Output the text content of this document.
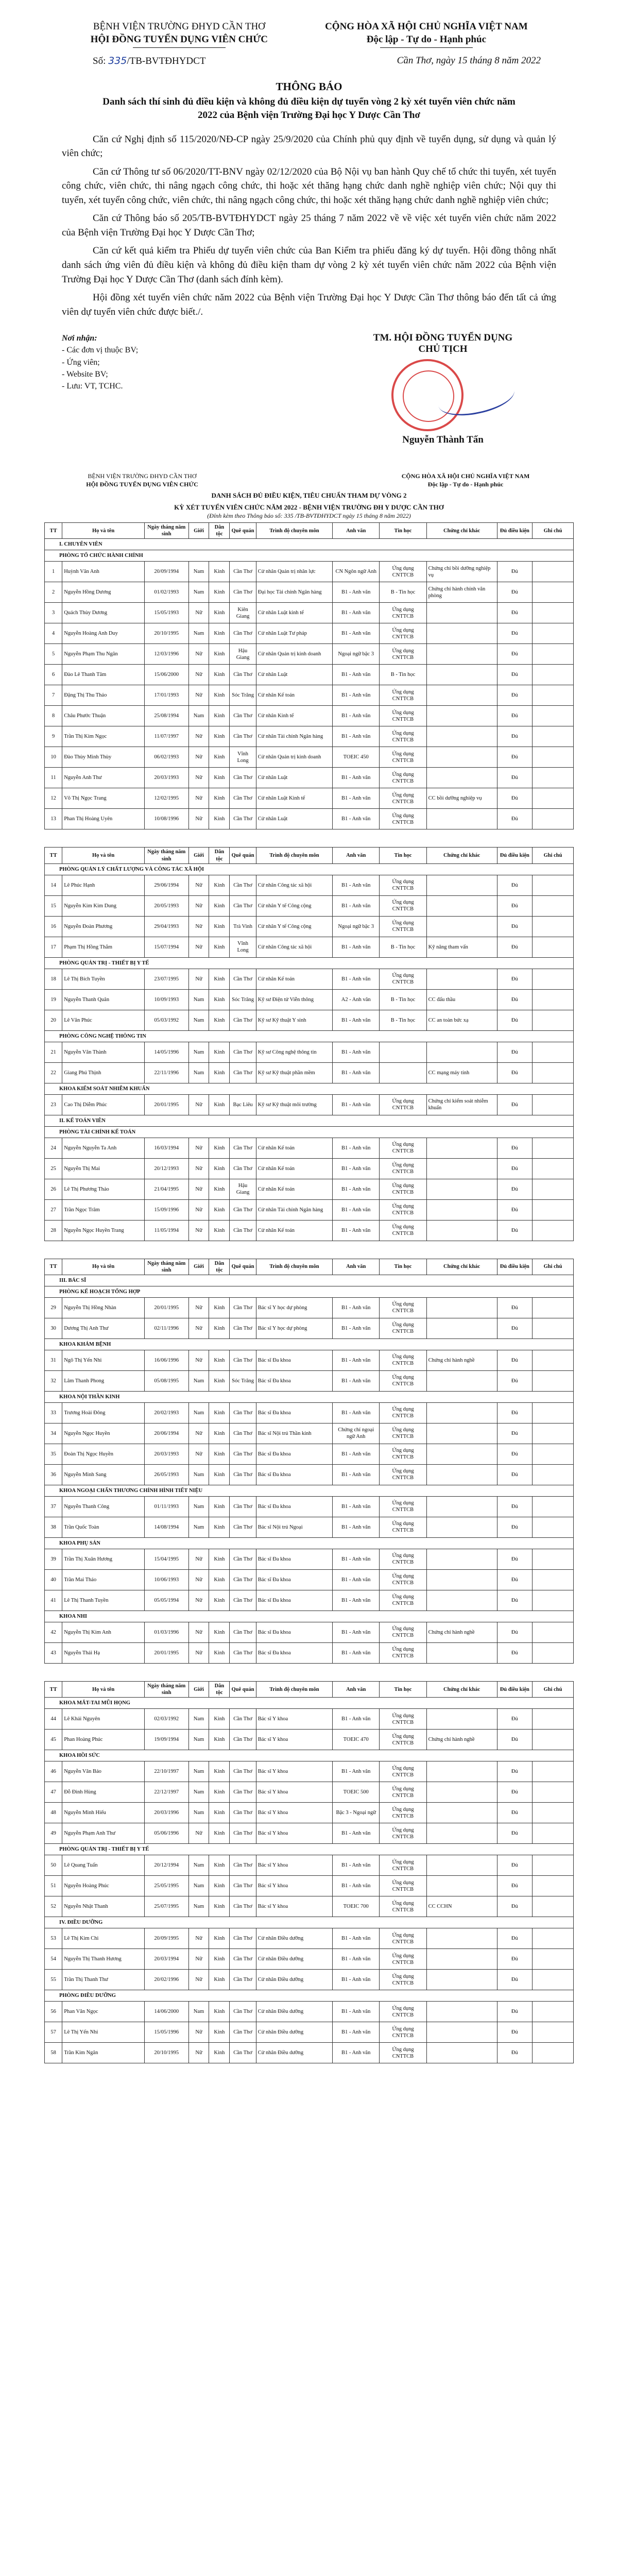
BỆNH VIỆN TRƯỜNG ĐHYD CẦN THƠ
HỘI ĐỒNG TUYỂN DỤNG VIÊN CHỨC
CỘNG HÒA XÃ HỘI CHỦ NGHĨA VIỆT NAM
Độc lập - Tự do - Hạnh phúc
Số: 335/TB-BVTĐHYDCT	Cần Thơ, ngày 15 tháng 8 năm 2022
THÔNG BÁO
Danh sách thí sinh đủ điều kiện và không đủ điều kiện dự tuyển vòng 2 kỳ xét tuyển viên chức năm 2022 của Bệnh viện Trường Đại học Y Dược Cần Thơ

Căn cứ Nghị định số 115/2020/NĐ-CP ngày 25/9/2020 của Chính phủ quy định về tuyển dụng, sử dụng và quản lý viên chức;

Căn cứ Thông tư số 06/2020/TT-BNV ngày 02/12/2020 của Bộ Nội vụ ban hành Quy chế tổ chức thi tuyển, xét tuyển công chức, viên chức, thi nâng ngạch công chức, thi hoặc xét thăng hạng chức danh nghề nghiệp viên chức; Nội quy thi tuyển, xét tuyển công chức, viên chức, thi nâng ngạch công chức, thi hoặc xét thăng hạng chức danh nghề nghiệp viên chức;

Căn cứ Thông báo số 205/TB-BVTĐHYDCT ngày 25 tháng 7 năm 2022 về về việc xét tuyển viên chức năm 2022 của Bệnh viện Trường Đại học Y Dược Cần Thơ;

Căn cứ kết quả kiểm tra Phiếu dự tuyển viên chức của Ban Kiểm tra phiếu đăng ký dự tuyển. Hội đồng thông nhất danh sách ứng viên đủ điều kiện và không đủ điều kiện tham dự vòng 2 kỳ xét tuyển viên chức năm 2022 của Bệnh viện Trường Đại học Y Dược Cần Thơ (danh sách đính kèm).

Hội đồng xét tuyển viên chức năm 2022 của Bệnh viện Trường Đại học Y Dược Cần Thơ thông báo đến tất cả ứng viên dự tuyển viên chức được biết./.

Nơi nhận:
- Các đơn vị thuộc BV;
- Ứng viên;
- Website BV;
- Lưu: VT, TCHC.
TM. HỘI ĐỒNG TUYỂN DỤNG
CHỦ TỊCH
Nguyễn Thành Tấn
BỆNH VIỆN TRƯỜNG ĐHYD CẦN THƠ
HỘI ĐỒNG TUYỂN DỤNG VIÊN CHỨC
CỘNG HÒA XÃ HỘI CHỦ NGHĨA VIỆT NAM
Độc lập - Tự do - Hạnh phúc
DANH SÁCH ĐỦ ĐIỀU KIỆN, TIÊU CHUẨN THAM DỰ VÒNG 2
KỲ XÉT TUYỂN VIÊN CHỨC NĂM 2022 - BỆNH VIỆN TRƯỜNG ĐH Y DƯỢC CẦN THƠ
(Đính kèm theo Thông báo số: 335 /TB-BVTĐHYDCT ngày 15 tháng 8 năm 2022)
TT	Họ và tên	Ngày tháng năm sinh	Giới	Dân tộc	Quê quán	Trình độ chuyên môn	Anh văn	Tin học	Chứng chỉ khác	Đủ điều kiện	Ghi chú
I. CHUYÊN VIÊN											
PHÒNG TỔ CHỨC HÀNH CHÍNH											
1	Huỳnh Văn Anh	20/09/1994	Nam	Kinh	Cần Thơ	Cử nhân Quản trị nhân lực	CN Ngôn ngữ Anh	Ứng dụng CNTTCB	Chứng chỉ bồi dưỡng nghiệp vụ	Đủ	
2	Nguyễn Hồng Dương	01/02/1993	Nam	Kinh	Cần Thơ	Đại học Tài chính Ngân hàng	B1 - Anh văn	B - Tin học	Chứng chỉ hành chính văn phòng	Đủ	
3	Quách Thùy Dương	15/05/1993	Nữ	Kinh	Kiên Giang	Cử nhân Luật kinh tế	B1 - Anh văn	Ứng dụng CNTTCB		Đủ	
4	Nguyễn Hoàng Anh Duy	20/10/1995	Nam	Kinh	Cần Thơ	Cử nhân Luật Tư pháp	B1 - Anh văn	Ứng dụng CNTTCB		Đủ	
5	Nguyễn Phạm Thu Ngân	12/03/1996	Nữ	Kinh	Hậu Giang	Cử nhân Quản trị kinh doanh	Ngoại ngữ bậc 3	Ứng dụng CNTTCB		Đủ	
6	Đào Lê Thanh Tâm	15/06/2000	Nữ	Kinh	Cần Thơ	Cử nhân Luật	B1 - Anh văn	B - Tin học		Đủ	
7	Đặng Thị Thu Thảo	17/01/1993	Nữ	Kinh	Sóc Trăng	Cử nhân Kế toán	B1 - Anh văn	Ứng dụng CNTTCB		Đủ	
8	Châu Phước Thuận	25/08/1994	Nam	Kinh	Cần Thơ	Cử nhân Kinh tế	B1 - Anh văn	Ứng dụng CNTTCB		Đủ	
9	Trần Thị Kim Ngọc	11/07/1997	Nữ	Kinh	Cần Thơ	Cử nhân Tài chính Ngân hàng	B1 - Anh văn	Ứng dụng CNTTCB		Đủ	
10	Đào Thùy Minh Thùy	06/02/1993	Nữ	Kinh	Vĩnh Long	Cử nhân Quản trị kinh doanh	TOEIC 450	Ứng dụng CNTTCB		Đủ	
11	Nguyễn Anh Thư	20/03/1993	Nữ	Kinh	Cần Thơ	Cử nhân Luật	B1 - Anh văn	Ứng dụng CNTTCB		Đủ	
12	Võ Thị Ngọc Trang	12/02/1995	Nữ	Kinh	Cần Thơ	Cử nhân Luật Kinh tế	B1 - Anh văn	Ứng dụng CNTTCB	CC bồi dưỡng nghiệp vụ	Đủ	
13	Phan Thị Hoàng Uyên	10/08/1996	Nữ	Kinh	Cần Thơ	Cử nhân Luật	B1 - Anh văn	Ứng dụng CNTTCB		Đủ	
TT	Họ và tên	Ngày tháng năm sinh	Giới	Dân tộc	Quê quán	Trình độ chuyên môn	Anh văn	Tin học	Chứng chỉ khác	Đủ điều kiện	Ghi chú
PHÒNG QUẢN LÝ CHẤT LƯỢNG VÀ CÔNG TÁC XÃ HỘI											
14	Lê Phúc Hạnh	29/06/1994	Nữ	Kinh	Cần Thơ	Cử nhân Công tác xã hội	B1 - Anh văn	Ứng dụng CNTTCB		Đủ	
15	Nguyễn Kim Kim Dung	20/05/1993	Nữ	Kinh	Cần Thơ	Cử nhân Y tế Công cộng	B1 - Anh văn	Ứng dụng CNTTCB		Đủ	
16	Nguyễn Đoàn Phương	29/04/1993	Nữ	Kinh	Trà Vinh	Cử nhân Y tế Công cộng	Ngoại ngữ bậc 3	Ứng dụng CNTTCB		Đủ	
17	Phạm Thị Hồng Thắm	15/07/1994	Nữ	Kinh	Vĩnh Long	Cử nhân Công tác xã hội	B1 - Anh văn	B - Tin học	Kỹ năng tham vấn	Đủ	
PHÒNG QUẢN TRỊ - THIẾT BỊ Y TẾ											
18	Lê Thị Bích Tuyền	23/07/1995	Nữ	Kinh	Cần Thơ	Cử nhân Kế toán	B1 - Anh văn	Ứng dụng CNTTCB		Đủ	
19	Nguyễn Thanh Quân	10/09/1993	Nam	Kinh	Sóc Trăng	Kỹ sư Điện tử Viễn thông	A2 - Anh văn	B - Tin học	CC đấu thầu	Đủ	
20	Lê Văn Phúc	05/03/1992	Nam	Kinh	Cần Thơ	Kỹ sư Kỹ thuật Y sinh	B1 - Anh văn	B - Tin học	CC an toàn bức xạ	Đủ	
PHÒNG CÔNG NGHỆ THÔNG TIN											
21	Nguyễn Văn Thành	14/05/1996	Nam	Kinh	Cần Thơ	Kỹ sư Công nghệ thông tin	B1 - Anh văn			Đủ	
22	Giang Phú Thịnh	22/11/1996	Nam	Kinh	Cần Thơ	Kỹ sư Kỹ thuật phần mềm	B1 - Anh văn		CC mạng máy tính	Đủ	
KHOA KIỂM SOÁT NHIỄM KHUẨN											
23	Cao Thị Diễm Phúc	20/01/1995	Nữ	Kinh	Bạc Liêu	Kỹ sư Kỹ thuật môi trường	B1 - Anh văn	Ứng dụng CNTTCB	Chứng chỉ kiểm soát nhiễm khuẩn	Đủ	
II. KẾ TOÁN VIÊN											
PHÒNG TÀI CHÍNH KẾ TOÁN											
24	Nguyễn Nguyễn Ta Anh	16/03/1994	Nữ	Kinh	Cần Thơ	Cử nhân Kế toán	B1 - Anh văn	Ứng dụng CNTTCB		Đủ	
25	Nguyễn Thị Mai	20/12/1993	Nữ	Kinh	Cần Thơ	Cử nhân Kế toán	B1 - Anh văn	Ứng dụng CNTTCB		Đủ	
26	Lê Thị Phương Thảo	21/04/1995	Nữ	Kinh	Hậu Giang	Cử nhân Kế toán	B1 - Anh văn	Ứng dụng CNTTCB		Đủ	
27	Trần Ngọc Trâm	15/09/1996	Nữ	Kinh	Cần Thơ	Cử nhân Tài chính Ngân hàng	B1 - Anh văn	Ứng dụng CNTTCB		Đủ	
28	Nguyễn Ngọc Huyền Trang	11/05/1994	Nữ	Kinh	Cần Thơ	Cử nhân Kế toán	B1 - Anh văn	Ứng dụng CNTTCB		Đủ	
TT	Họ và tên	Ngày tháng năm sinh	Giới	Dân tộc	Quê quán	Trình độ chuyên môn	Anh văn	Tin học	Chứng chỉ khác	Đủ điều kiện	Ghi chú
III. BÁC SĨ											
PHÒNG KẾ HOẠCH TỔNG HỢP											
29	Nguyễn Thị Hồng Nhàn	20/01/1995	Nữ	Kinh	Cần Thơ	Bác sĩ Y học dự phòng	B1 - Anh văn	Ứng dụng CNTTCB		Đủ	
30	Dương Thị Anh Thư	02/11/1996	Nữ	Kinh	Cần Thơ	Bác sĩ Y học dự phòng	B1 - Anh văn	Ứng dụng CNTTCB		Đủ	
KHOA KHÁM BỆNH											
31	Ngô Thị Yến Nhi	16/06/1996	Nữ	Kinh	Cần Thơ	Bác sĩ Đa khoa	B1 - Anh văn	Ứng dụng CNTTCB	Chứng chỉ hành nghề	Đủ	
32	Lâm Thanh Phong	05/08/1995	Nam	Kinh	Sóc Trăng	Bác sĩ Đa khoa	B1 - Anh văn	Ứng dụng CNTTCB		Đủ	
KHOA NỘI THẦN KINH											
33	Trương Hoài Đông	20/02/1993	Nam	Kinh	Cần Thơ	Bác sĩ Đa khoa	B1 - Anh văn	Ứng dụng CNTTCB		Đủ	
34	Nguyễn Ngọc Huyền	20/06/1994	Nữ	Kinh	Cần Thơ	Bác sĩ Nội trú Thần kinh	Chứng chỉ ngoại ngữ Anh	Ứng dụng CNTTCB		Đủ	
35	Đoàn Thị Ngọc Huyền	20/03/1993	Nữ	Kinh	Cần Thơ	Bác sĩ Đa khoa	B1 - Anh văn	Ứng dụng CNTTCB		Đủ	
36	Nguyễn Minh Sang	26/05/1993	Nam	Kinh	Cần Thơ	Bác sĩ Đa khoa	B1 - Anh văn	Ứng dụng CNTTCB		Đủ	
KHOA NGOẠI CHẤN THƯƠNG CHỈNH HÌNH TIẾT NIỆU											
37	Nguyễn Thanh Công	01/11/1993	Nam	Kinh	Cần Thơ	Bác sĩ Đa khoa	B1 - Anh văn	Ứng dụng CNTTCB		Đủ	
38	Trần Quốc Toàn	14/08/1994	Nam	Kinh	Cần Thơ	Bác sĩ Nội trú Ngoại	B1 - Anh văn	Ứng dụng CNTTCB		Đủ	
KHOA PHỤ SẢN											
39	Trần Thị Xuân Hương	15/04/1995	Nữ	Kinh	Cần Thơ	Bác sĩ Đa khoa	B1 - Anh văn	Ứng dụng CNTTCB		Đủ	
40	Trần Mai Thảo	10/06/1993	Nữ	Kinh	Cần Thơ	Bác sĩ Đa khoa	B1 - Anh văn	Ứng dụng CNTTCB		Đủ	
41	Lê Thị Thanh Tuyền	05/05/1994	Nữ	Kinh	Cần Thơ	Bác sĩ Đa khoa	B1 - Anh văn	Ứng dụng CNTTCB		Đủ	
KHOA NHI											
42	Nguyễn Thị Kim Anh	01/03/1996	Nữ	Kinh	Cần Thơ	Bác sĩ Đa khoa	B1 - Anh văn	Ứng dụng CNTTCB	Chứng chỉ hành nghề	Đủ	
43	Nguyễn Thái Hạ	20/01/1995	Nữ	Kinh	Cần Thơ	Bác sĩ Đa khoa	B1 - Anh văn	Ứng dụng CNTTCB		Đủ	
TT	Họ và tên	Ngày tháng năm sinh	Giới	Dân tộc	Quê quán	Trình độ chuyên môn	Anh văn	Tin học	Chứng chỉ khác	Đủ điều kiện	Ghi chú
KHOA MẮT-TAI MŨI HỌNG											
44	Lê Khải Nguyên	02/03/1992	Nam	Kinh	Cần Thơ	Bác sĩ Y khoa	B1 - Anh văn	Ứng dụng CNTTCB		Đủ	
45	Phan Hoàng Phúc	19/09/1994	Nam	Kinh	Cần Thơ	Bác sĩ Y khoa	TOEIC 470	Ứng dụng CNTTCB	Chứng chỉ hành nghề	Đủ	
KHOA HỒI SỨC											
46	Nguyễn Văn Bảo	22/10/1997	Nam	Kinh	Cần Thơ	Bác sĩ Y khoa	B1 - Anh văn	Ứng dụng CNTTCB		Đủ	
47	Đỗ Đình Hùng	22/12/1997	Nam	Kinh	Cần Thơ	Bác sĩ Y khoa	TOEIC 500	Ứng dụng CNTTCB		Đủ	
48	Nguyễn Minh Hiếu	20/03/1996	Nam	Kinh	Cần Thơ	Bác sĩ Y khoa	Bậc 3 - Ngoại ngữ	Ứng dụng CNTTCB		Đủ	
49	Nguyễn Phạm Anh Thư	05/06/1996	Nữ	Kinh	Cần Thơ	Bác sĩ Y khoa	B1 - Anh văn	Ứng dụng CNTTCB		Đủ	
PHÒNG QUẢN TRỊ - THIẾT BỊ Y TẾ											
50	Lê Quang Tuấn	20/12/1994	Nam	Kinh	Cần Thơ	Bác sĩ Y khoa	B1 - Anh văn	Ứng dụng CNTTCB		Đủ	
51	Nguyễn Hoàng Phúc	25/05/1995	Nam	Kinh	Cần Thơ	Bác sĩ Y khoa	B1 - Anh văn	Ứng dụng CNTTCB		Đủ	
52	Nguyễn Nhật Thanh	25/07/1995	Nam	Kinh	Cần Thơ	Bác sĩ Y khoa	TOEIC 700	Ứng dụng CNTTCB	CC CCHN	Đủ	
IV. ĐIỀU DƯỠNG											
53	Lê Thị Kim Chi	20/09/1995	Nữ	Kinh	Cần Thơ	Cử nhân Điều dưỡng	B1 - Anh văn	Ứng dụng CNTTCB		Đủ	
54	Nguyễn Thị Thanh Hương	20/03/1994	Nữ	Kinh	Cần Thơ	Cử nhân Điều dưỡng	B1 - Anh văn	Ứng dụng CNTTCB		Đủ	
55	Trần Thị Thanh Thư	20/02/1996	Nữ	Kinh	Cần Thơ	Cử nhân Điều dưỡng	B1 - Anh văn	Ứng dụng CNTTCB		Đủ	
PHÒNG ĐIỀU DƯỠNG											
56	Phan Văn Ngọc	14/06/2000	Nam	Kinh	Cần Thơ	Cử nhân Điều dưỡng	B1 - Anh văn	Ứng dụng CNTTCB		Đủ	
57	Lê Thị Yến Nhi	15/05/1996	Nữ	Kinh	Cần Thơ	Cử nhân Điều dưỡng	B1 - Anh văn	Ứng dụng CNTTCB		Đủ	
58	Trần Kim Ngân	20/10/1995	Nữ	Kinh	Cần Thơ	Cử nhân Điều dưỡng	B1 - Anh văn	Ứng dụng CNTTCB		Đủ	
